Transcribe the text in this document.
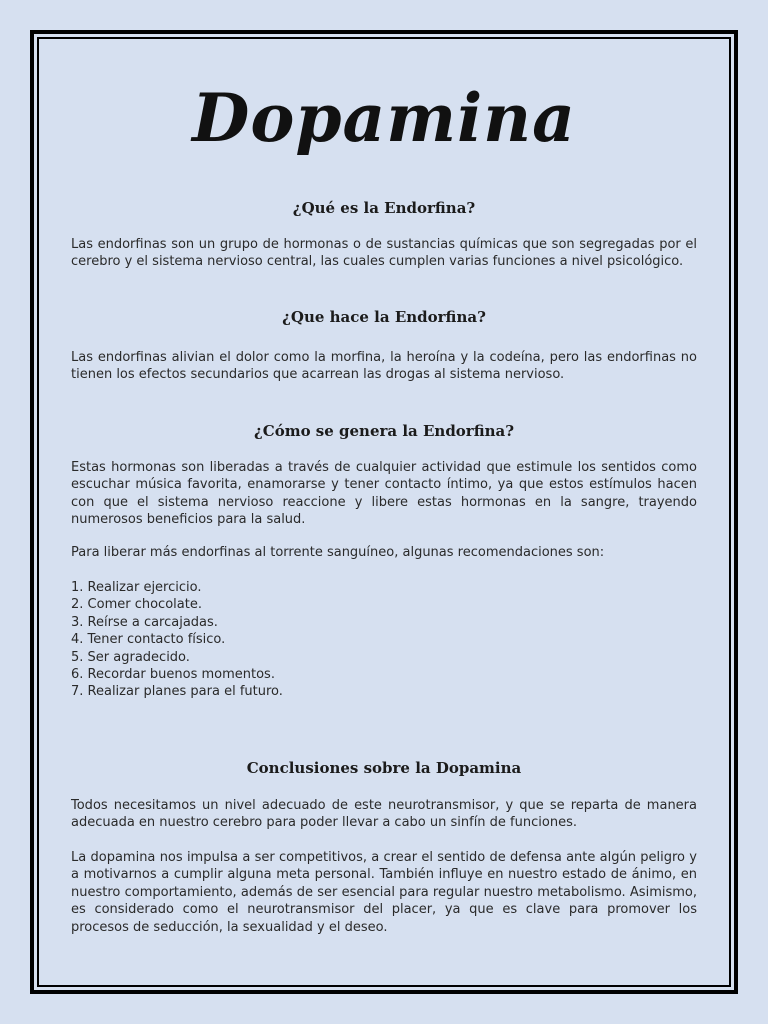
Dopamina
¿Qué es la Endorfina?

Las endorfinas son un grupo de hormonas o de sustancias químicas que son segregadas por el cerebro y el sistema nervioso central, las cuales cumplen varias funciones a nivel psicológico.

¿Que hace la Endorfina?

Las endorfinas alivian el dolor como la morfina, la heroína y la codeína, pero las endorfinas no tienen los efectos secundarios que acarrean las drogas al sistema nervioso.

¿Cómo se genera la Endorfina?

Estas hormonas son liberadas a través de cualquier actividad que estimule los sentidos como escuchar música favorita, enamorarse y tener contacto íntimo, ya que estos estímulos hacen con que el sistema nervioso reaccione y libere estas hormonas en la sangre, trayendo numerosos beneficios para la salud.

Para liberar más endorfinas al torrente sanguíneo, algunas recomendaciones son:

1. Realizar ejercicio.
2. Comer chocolate.
3. Reírse a carcajadas.
4. Tener contacto físico.
5. Ser agradecido.
6. Recordar buenos momentos.
7. Realizar planes para el futuro.
Conclusiones sobre la Dopamina

Todos necesitamos un nivel adecuado de este neurotransmisor, y que se reparta de manera adecuada en nuestro cerebro para poder llevar a cabo un sinfín de funciones.

La dopamina nos impulsa a ser competitivos, a crear el sentido de defensa ante algún peligro y a motivarnos a cumplir alguna meta personal. También influye en nuestro estado de ánimo, en nuestro comportamiento, además de ser esencial para regular nuestro metabolismo. Asimismo, es considerado como el neurotransmisor del placer, ya que es clave para promover los procesos de seducción, la sexualidad y el deseo.
